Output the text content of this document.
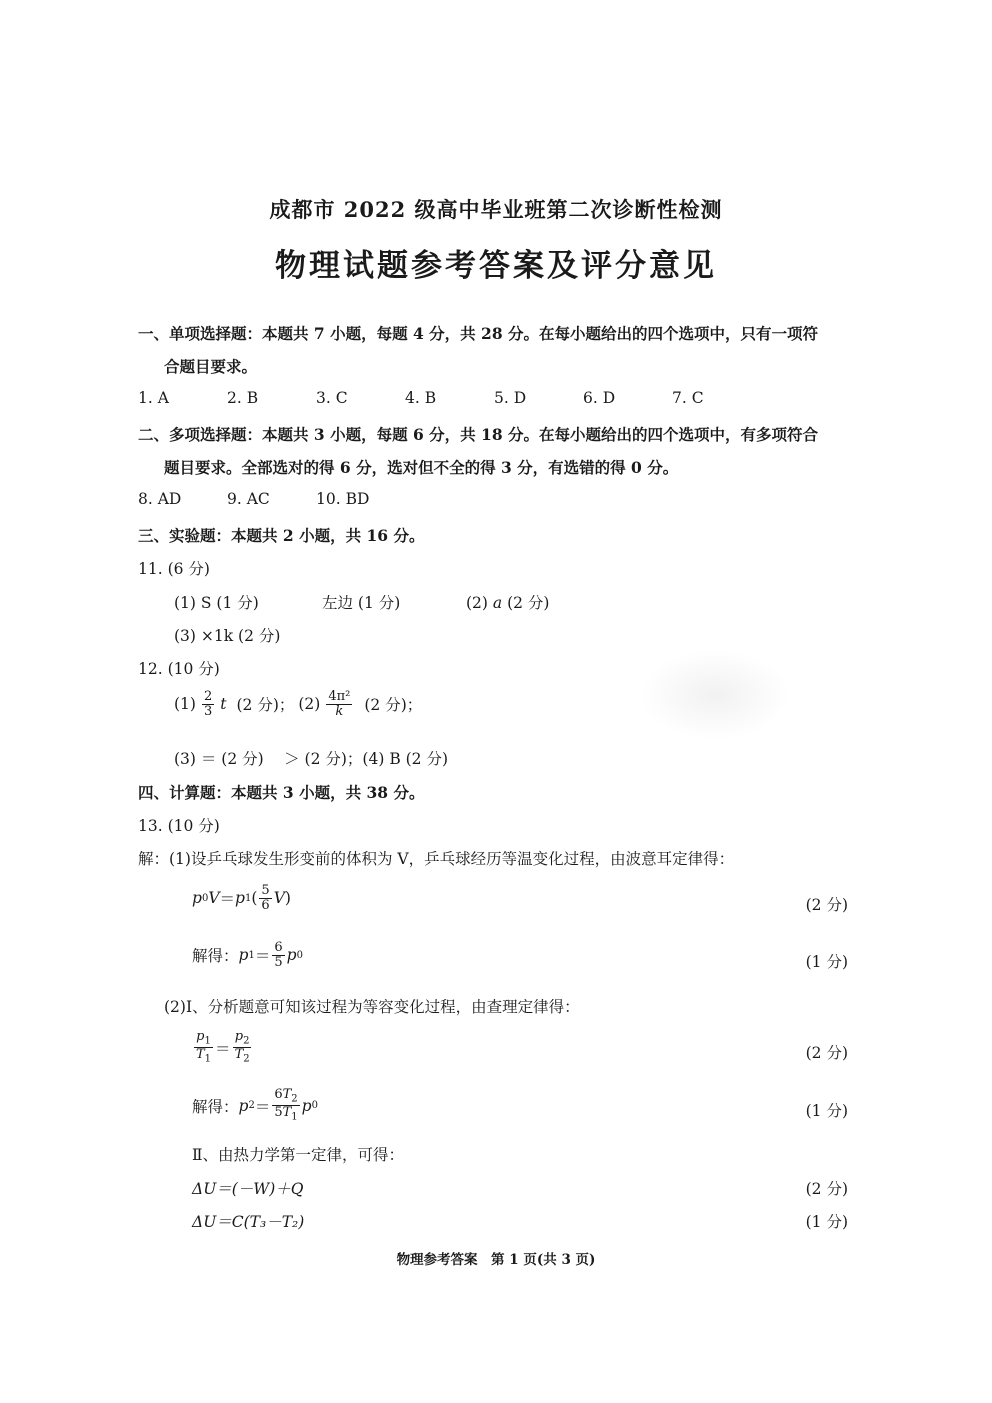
成都市 2022 级高中毕业班第二次诊断性检测
物理试题参考答案及评分意见
一、单项选择题：本题共 7 小题，每题 4 分，共 28 分。在每小题给出的四个选项中，只有一项符
合题目要求。
1. A	2. B	3. C	4. B	5. D	6. D	7. C
二、多项选择题：本题共 3 小题，每题 6 分，共 18 分。在每小题给出的四个选项中，有多项符合
题目要求。全部选对的得 6 分，选对但不全的得 3 分，有选错的得 0 分。
8. AD	9. AC	10. BD
三、实验题：本题共 2 小题，共 16 分。
11. (6 分)
(1) S (1 分)	左边 (1 分)	(2) a (2 分)
(3) ×1k (2 分)
12. (10 分)
$(1) \frac{2}{3}$ t (2 分)； $(2) \frac{\text{4π²}}{k} (2$ 分)；
(3) ＝ (2 分)　 ＞ (2 分)；(4) B (2 分)
四、计算题：本题共 3 小题，共 38 分。
13. (10 分)
解：(1)设乒乓球发生形变前的体积为 V，乒乓球经历等温变化过程，由波意耳定律得：
p 0 V ＝ p 1 ( $\frac{5}{6}$ V )	(2 分)
解得： p $1 = \frac{6}{5}$ p 0	(1 分)
(2)Ⅰ、分析题意可知该过程为等容变化过程，由查理定律得：
$\frac{p_1}{T_1} = \frac{p_2}{T_2}$	(2 分)
解得： p $2 = \frac{6T_2}{5T_1}$ p 0	(1 分)
Ⅱ、由热力学第一定律，可得：
ΔU＝(－W)＋Q	(2 分)
ΔU＝C(T₃－T₂)	(1 分)
物理参考答案　第 1 页(共 3 页)
